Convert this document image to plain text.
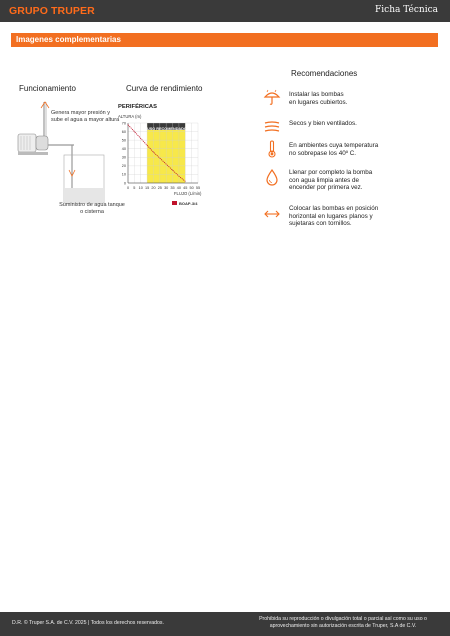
GRUPO TRUPER	Ficha Técnica
Imagenes complementarias
Funcionamiento
Genera mayor presión y sube el agua a mayor altura
Suministro de agua tanque o cisterna
Curva de rendimiento
PERIFÉRICAS
ALTURA (m)
0 5 10 15 20 25 30 35 40 45 50 55
0
10
20
30
40
50
60
70
FLUJO (L/min)
USO RECOMENDADO
BOAP-3/4
Recomendaciones
Instalar las bombas
en lugares cubiertos.
Secos y bien ventilados.
En ambientes cuya temperatura
no sobrepase los 40º C.
Llenar por completo la bomba
con agua limpia antes de
encender por primera vez.
Colocar las bombas en posición
horizontal en lugares planos y
sujetaras con tornillos.
D.R. © Truper S.A. de C.V. 2025 | Todos los derechos reservados.
Prohibida su reproducción o divulgación total o parcial así como su uso o aprovechamiento sin autorización escrita de Truper, S.A de C.V.
